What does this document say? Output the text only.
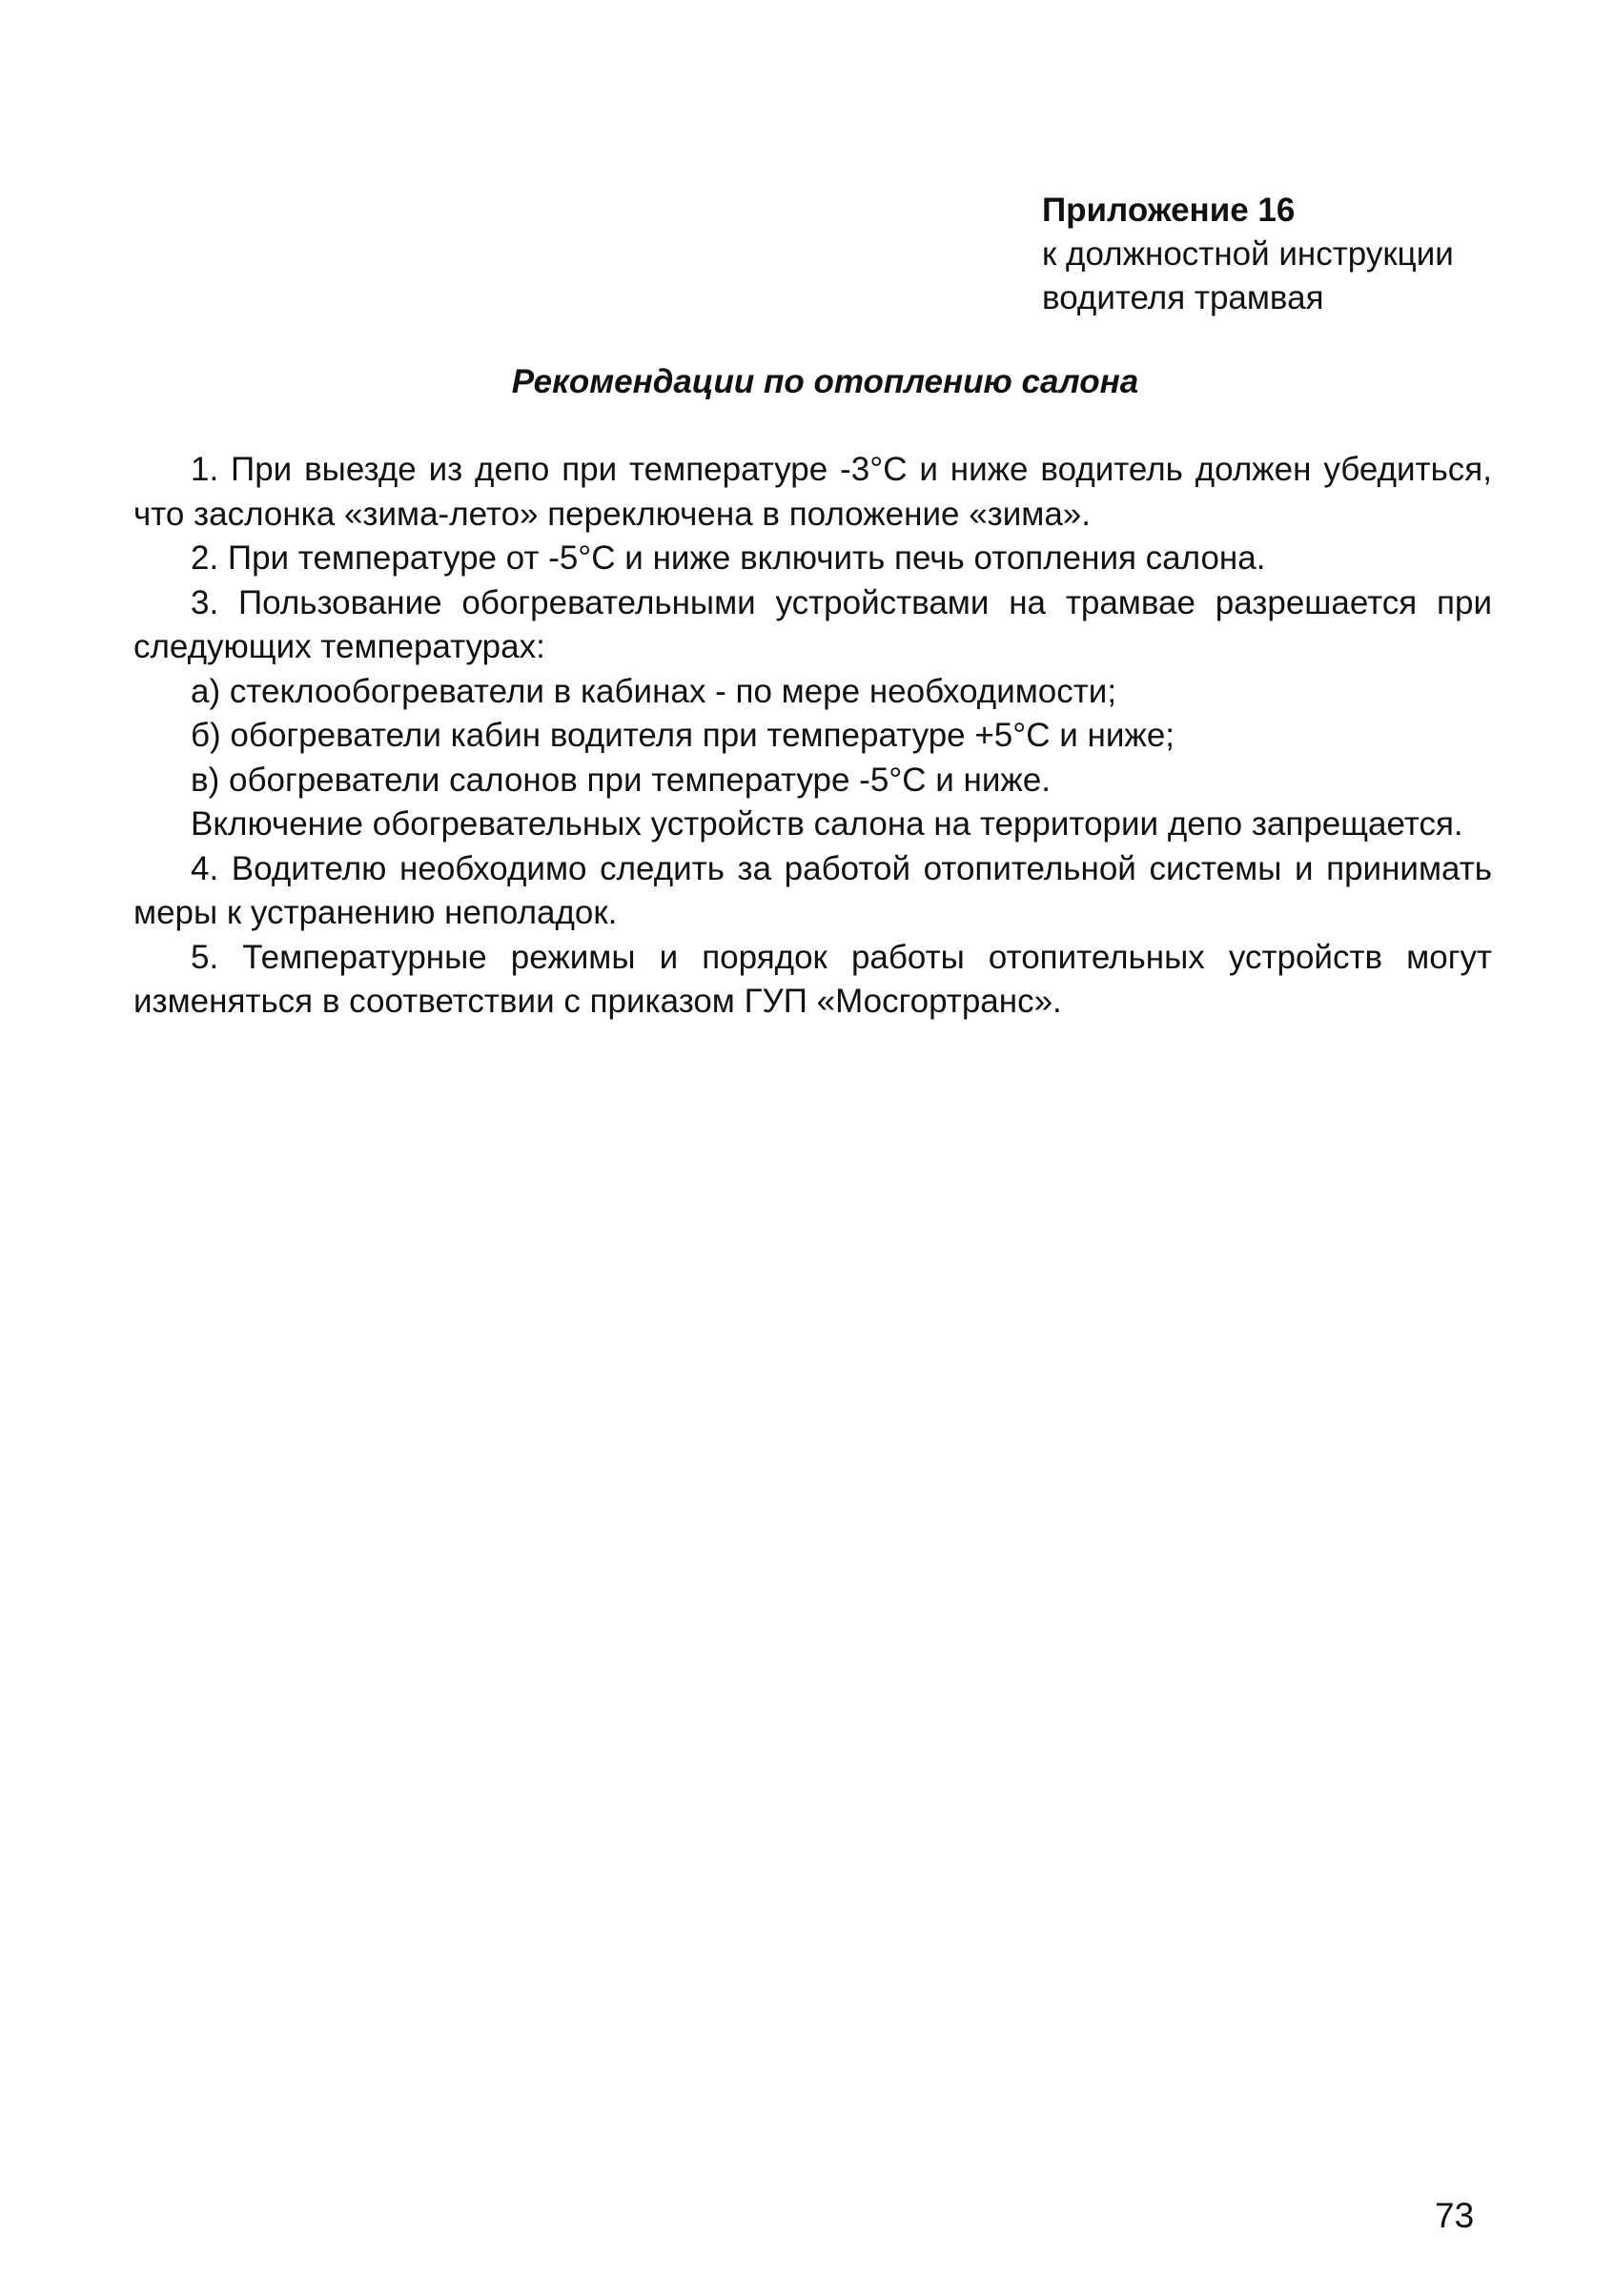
Приложение 16
к должностной инструкции
водителя трамвая
Рекомендации по отоплению салона

1. При выезде из депо при температуре -3°С и ниже водитель должен убедиться, что заслонка «зима-лето» переключена в положение «зима».

2. При температуре от -5°С и ниже включить печь отопления салона.

3. Пользование обогревательными устройствами на трамвае разрешается при следующих температурах:

а) стеклообогреватели в кабинах - по мере необходимости;

б) обогреватели кабин водителя при температуре +5°С и ниже;

в) обогреватели салонов при температуре -5°С и ниже.

Включение обогревательных устройств салона на территории депо запрещается.

4. Водителю необходимо следить за работой отопительной системы и принимать меры к устранению неполадок.

5. Температурные режимы и порядок работы отопительных устройств могут изменяться в соответствии с приказом ГУП «Мосгортранс».

73
